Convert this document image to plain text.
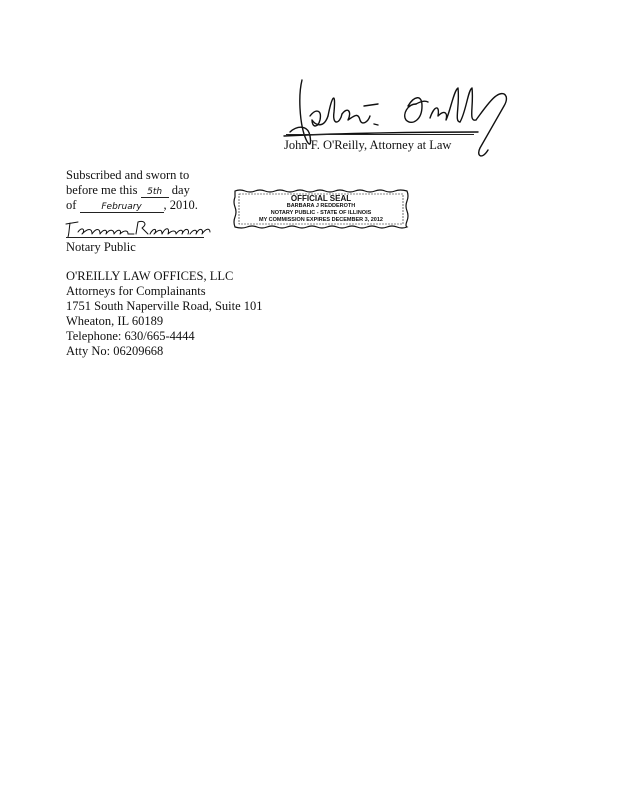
John F. O'Reilly, Attorney at Law
Subscribed and sworn to
before me this 5th day
of	February , 2010.
Notary Public
OFFICIAL SEAL
BARBARA J REDDEROTH
NOTARY PUBLIC - STATE OF ILLINOIS
MY COMMISSION EXPIRES DECEMBER 3, 2012
O'REILLY LAW OFFICES, LLC
Attorneys for Complainants
1751 South Naperville Road, Suite 101
Wheaton, IL 60189
Telephone: 630/665-4444
Atty No: 06209668
